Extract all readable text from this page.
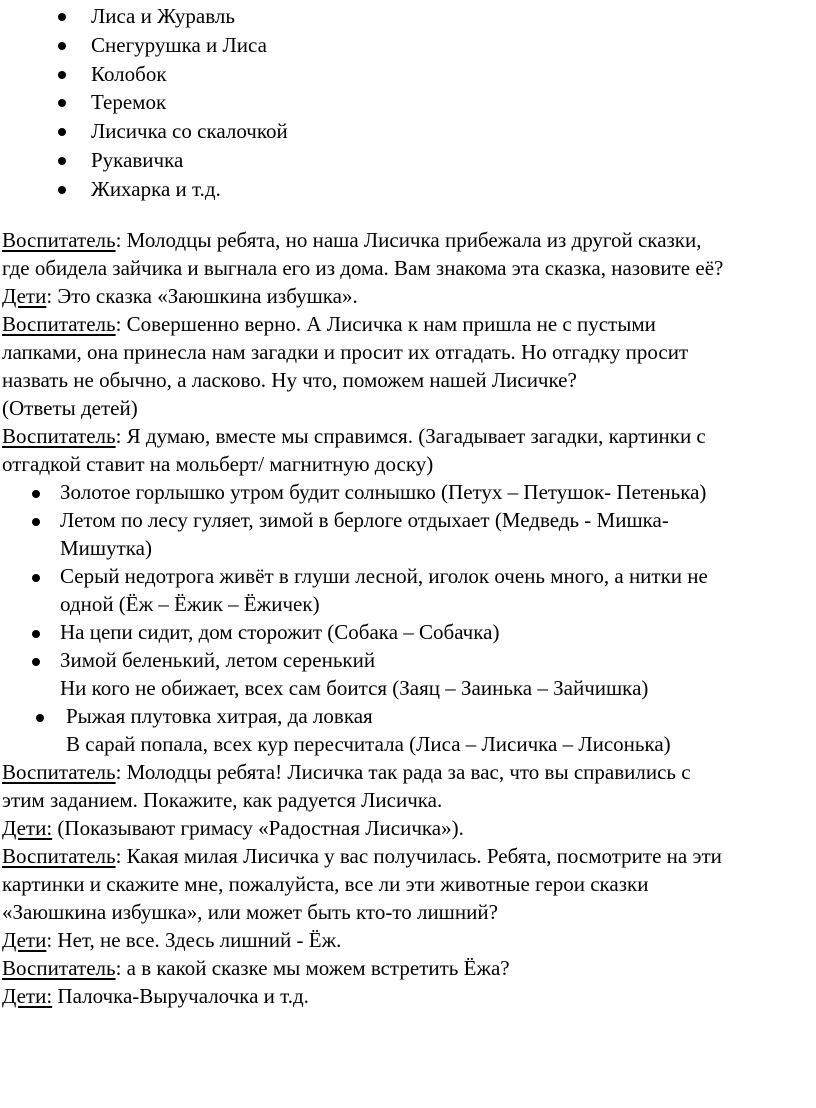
Лиса и Журавль
Снегурушка и Лиса
Колобок
Теремок
Лисичка со скалочкой
Рукавичка
Жихарка и т.д.

Воспитатель: Молодцы ребята, но наша Лисичка прибежала из другой сказки,

где обидела зайчика и выгнала его из дома. Вам знакома эта сказка, назовите её?

Дети: Это сказка «Заюшкина избушка».

Воспитатель: Совершенно верно. А Лисичка к нам пришла не с пустыми

лапками, она принесла нам загадки и просит их отгадать. Но отгадку просит

назвать не обычно, а ласково. Ну что, поможем нашей Лисичке?

(Ответы детей)

Воспитатель: Я думаю, вместе мы справимся. (Загадывает загадки, картинки с

отгадкой ставит на мольберт/ магнитную доску)

Золотое горлышко утром будит солнышко (Петух – Петушок- Петенька)
Летом по лесу гуляет, зимой в берлоге отдыхает (Медведь - Мишка-
Мишутка)
Серый недотрога живёт в глуши лесной, иголок очень много, а нитки не
одной (Ёж – Ёжик – Ёжичек)
На цепи сидит, дом сторожит (Собака – Собачка)
Зимой беленький, летом серенький
Ни кого не обижает, всех сам боится (Заяц – Заинька – Зайчишка)
Рыжая плутовка хитрая, да ловкая
В сарай попала, всех кур пересчитала (Лиса – Лисичка – Лисонька)

Воспитатель: Молодцы ребята! Лисичка так рада за вас, что вы справились с

этим заданием. Покажите, как радуется Лисичка.

Дети: (Показывают гримасу «Радостная Лисичка»).

Воспитатель: Какая милая Лисичка у вас получилась. Ребята, посмотрите на эти

картинки и скажите мне, пожалуйста, все ли эти животные герои сказки

«Заюшкина избушка», или может быть кто-то лишний?

Дети: Нет, не все. Здесь лишний - Ёж.

Воспитатель: а в какой сказке мы можем встретить Ёжа?

Дети: Палочка-Выручалочка и т.д.
